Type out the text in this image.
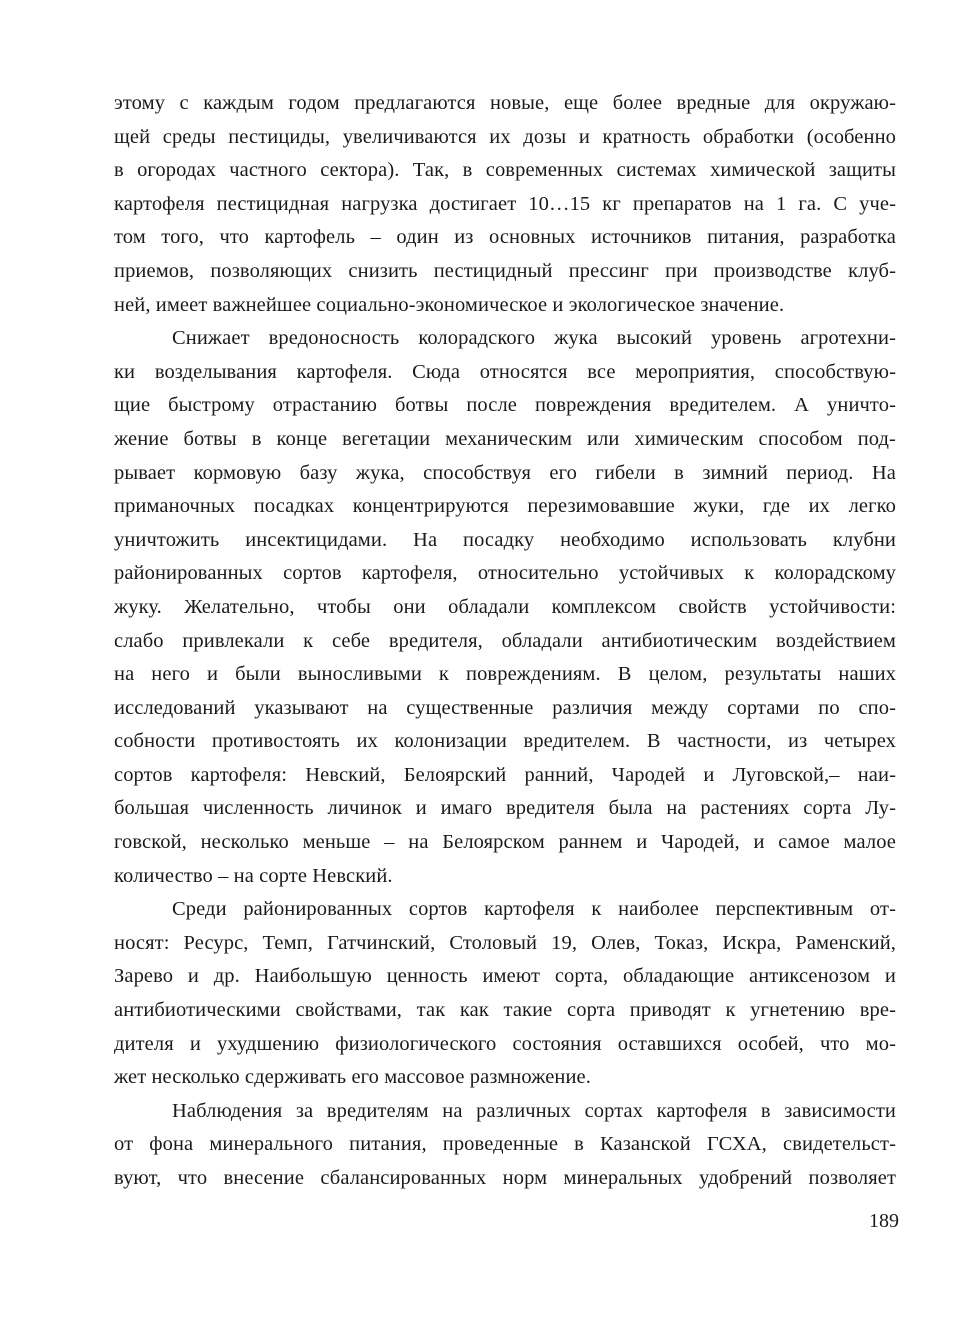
этому с каждым годом предлагаются новые, еще более вредные для окружаю-
щей среды пестициды, увеличиваются их дозы и кратность обработки (особенно
в огородах частного сектора). Так, в современных системах химической защиты
картофеля пестицидная нагрузка достигает 10…15 кг препаратов на 1 га. С уче-
том того, что картофель – один из основных источников питания, разработка
приемов, позволяющих снизить пестицидный прессинг при производстве клуб-
ней, имеет важнейшее социально-экономическое и экологическое значение.
Снижает вредоносность колорадского жука высокий уровень агротехни-
ки возделывания картофеля. Сюда относятся все мероприятия, способствую-
щие быстрому отрастанию ботвы после повреждения вредителем. А уничто-
жение ботвы в конце вегетации механическим или химическим способом под-
рывает кормовую базу жука, способствуя его гибели в зимний период. На
приманочных посадках концентрируются перезимовавшие жуки, где их легко
уничтожить инсектицидами. На посадку необходимо использовать клубни
районированных сортов картофеля, относительно устойчивых к колорадскому
жуку. Желательно, чтобы они обладали комплексом свойств устойчивости:
слабо привлекали к себе вредителя, обладали антибиотическим воздействием
на него и были выносливыми к повреждениям. В целом, результаты наших
исследований указывают на существенные различия между сортами по спо-
собности противостоять их колонизации вредителем. В частности, из четырех
сортов картофеля: Невский, Белоярский ранний, Чародей и Луговской,– наи-
большая численность личинок и имаго вредителя была на растениях сорта Лу-
говской, несколько меньше – на Белоярском раннем и Чародей, и самое малое
количество – на сорте Невский.
Среди районированных сортов картофеля к наиболее перспективным от-
носят: Ресурс, Темп, Гатчинский, Столовый 19, Олев, Токаз, Искра, Раменский,
Зарево и др. Наибольшую ценность имеют сорта, обладающие антиксенозом и
антибиотическими свойствами, так как такие сорта приводят к угнетению вре-
дителя и ухудшению физиологического состояния оставшихся особей, что мо-
жет несколько сдерживать его массовое размножение.
Наблюдения за вредителям на различных сортах картофеля в зависимости
от фона минерального питания, проведенные в Казанской ГСХА, свидетельст-
вуют, что внесение сбалансированных норм минеральных удобрений позволяет
189
